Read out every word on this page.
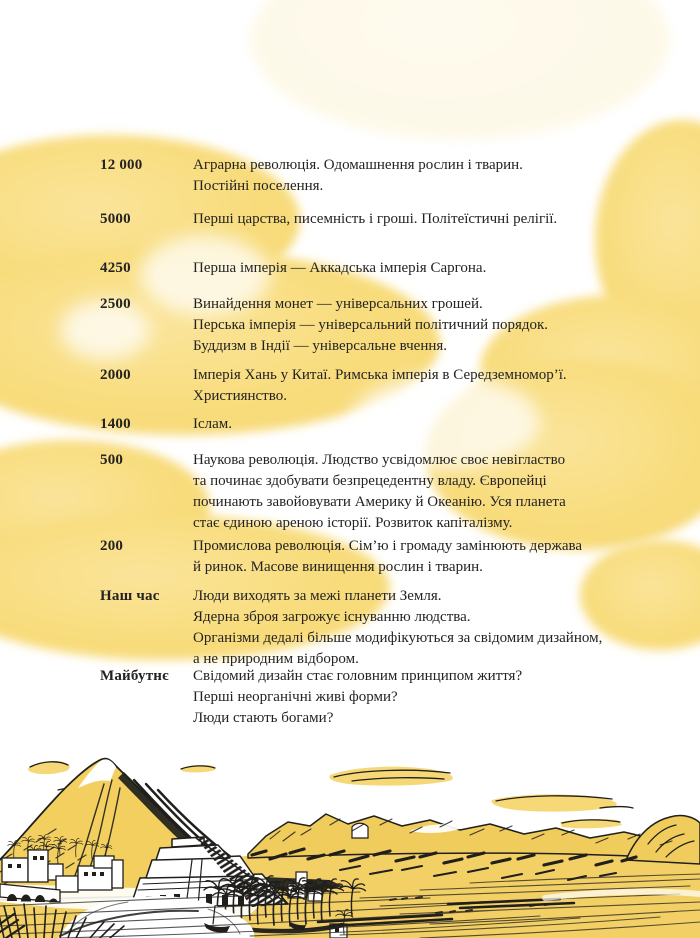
12 000	Аграрна революція. Одомашнення рослин і тварин.
Постійні поселення.
5000	Перші царства, писемність і гроші. Політеїстичні релігії.
4250	Перша імперія — Аккадська імперія Саргона.
2500	Винайдення монет — універсальних грошей.
Перська імперія — універсальний політичний порядок.
Буддизм в Індії — універсальне вчення.
2000	Імперія Хань у Китаї. Римська імперія в Середземномор’ї.
Християнство.
1400	Іслам.
500	Наукова революція. Людство усвідомлює своє невігластво
та починає здобувати безпрецедентну владу. Європейці
починають завойовувати Америку й Океанію. Уся планета
стає єдиною ареною історії. Розвиток капіталізму.
200	Промислова революція. Сім’ю і громаду замінюють держава
й ринок. Масове винищення рослин і тварин.
Наш час	Люди виходять за межі планети Земля.
Ядерна зброя загрожує існуванню людства.
Організми дедалі більше модифікуються за свідомим дизайном,
а не природним відбором.
Майбутнє	Свідомий дизайн стає головним принципом життя?
Перші неорганічні живі форми?
Люди стають богами?
